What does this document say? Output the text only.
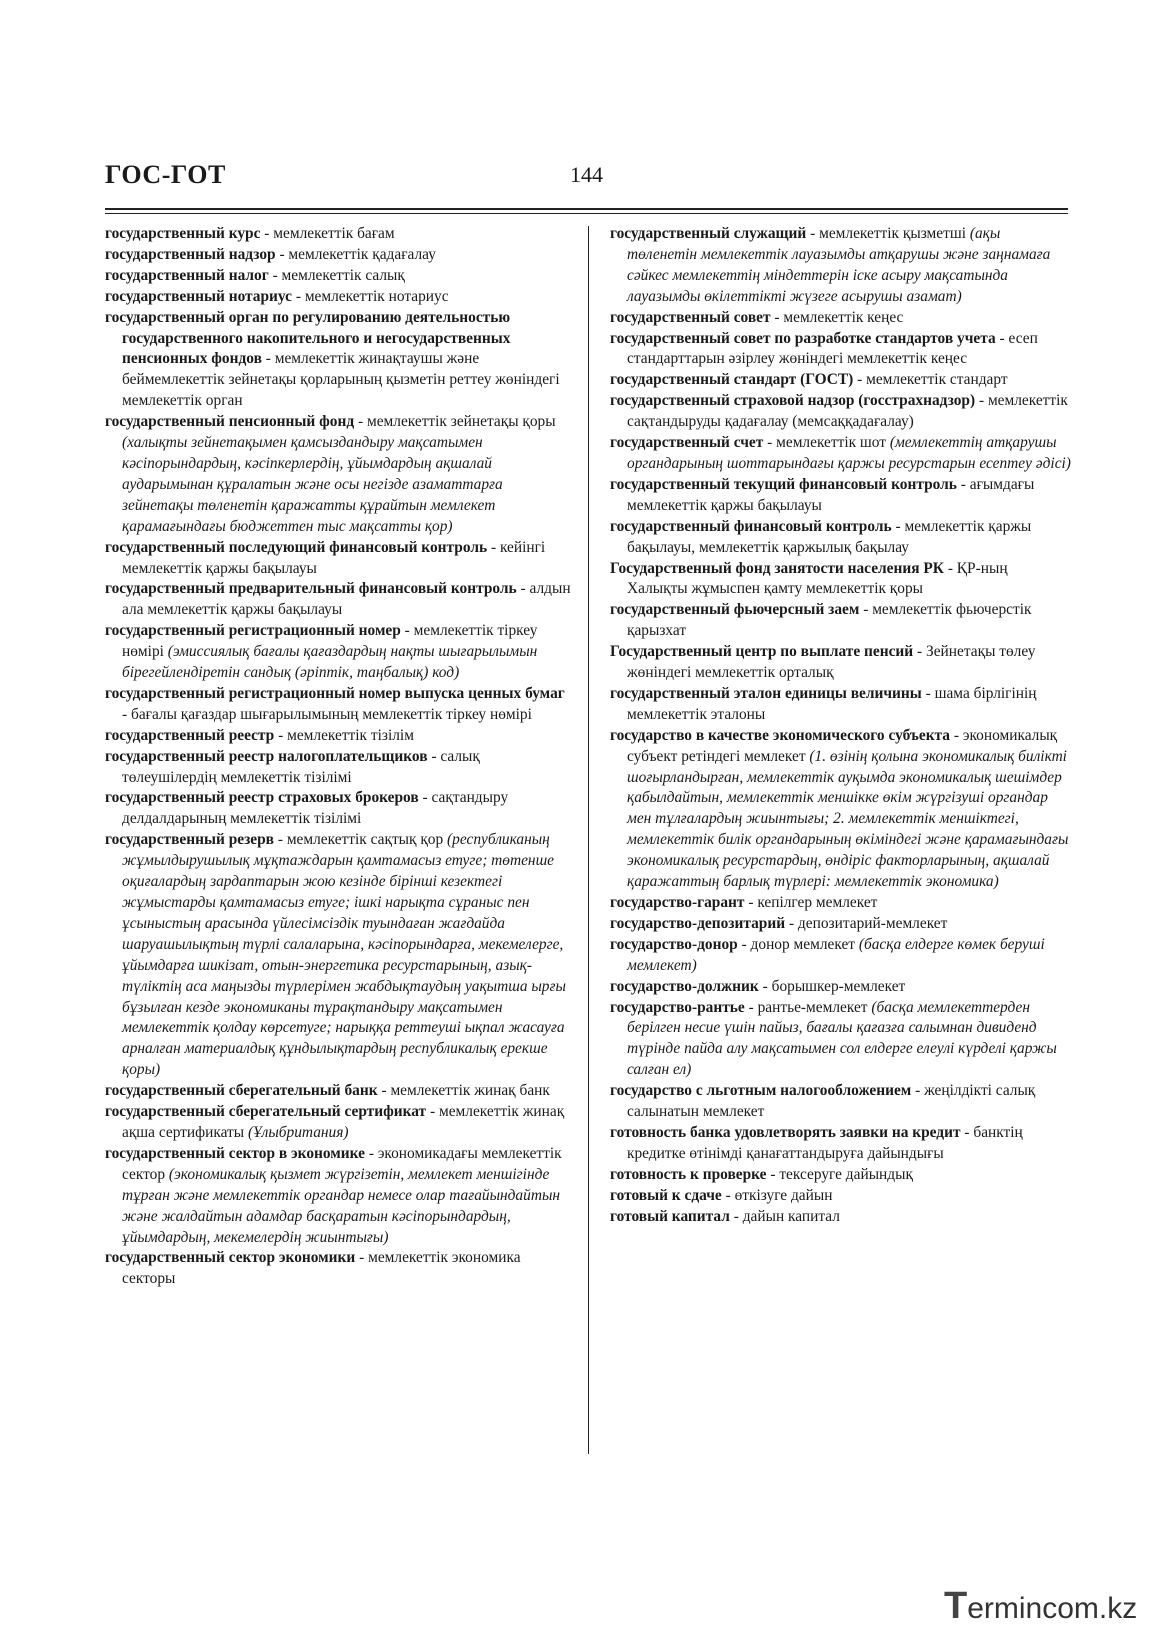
ГОС-ГОТ	144

государственный курс - мемлекеттік бағам

государственный надзор - мемлекеттік қадағалау

государственный налог - мемлекеттік салық

государственный нотариус - мемлекеттік нотариус

государственный орган по регулированию деятельностью государственного накопительного и негосударственных пенсионных фондов - мемлекеттік жинақтаушы және беймемлекеттік зейнетақы қорларының қызметін реттеу жөніндегі мемлекеттік орган

государственный пенсионный фонд - мемлекеттік зейнетақы қоры (халықты зейнетақымен қамсыздандыру мақсатымен кәсіпорындардың, кәсіпкерлердің, ұйымдардың ақшалай аударымынан құралатын және осы негізде азаматтарға зейнетақы төленетін қаражатты құрайтын мемлекет қарамағындағы бюджеттен тыс мақсатты қор)

государственный последующий финансовый контроль - кейінгі мемлекеттік қаржы бақылауы

государственный предварительный финансовый контроль - алдын ала мемлекеттік қаржы бақылауы

государственный регистрационный номер - мемлекеттік тіркеу нөмірі (эмиссиялық бағалы қағаздардың нақты шығарылымын бірегейлендіретін сандық (әріптік, таңбалық) код)

государственный регистрационный номер выпуска ценных бумаг - бағалы қағаздар шығарылымының мемлекеттік тіркеу нөмірі

государственный реестр - мемлекеттік тізілім

государственный реестр налогоплательщиков - салық төлеушілердің мемлекеттік тізілімі

государственный реестр страховых брокеров - сақтандыру делдалдарының мемлекеттік тізілімі

государственный резерв - мемлекеттік сақтық қор (республиканың жұмылдырушылық мұқтаждарын қамтамасыз етуге; төтенше оқиғалардың зардаптарын жою кезінде бірінші кезектегі жұмыстарды қамтамасыз етуге; ішкі нарықта сұраныс пен ұсыныстың арасында үйлесімсіздік туындаған жағдайда шаруашылықтың түрлі салаларына, кәсіпорындарға, мекемелерге, ұйымдарға шикізат, отын-энергетика ресурстарының, азық-түліктің аса маңызды түрлерімен жабдықтаудың уақытша ырғы бұзылған кезде экономиканы тұрақтандыру мақсатымен мемлекеттік қолдау көрсетуге; нарыққа реттеуші ықпал жасауға арналған материалдық құндылықтардың республикалық ерекше қоры)

государственный сберегательный банк - мемлекеттік жинақ банк

государственный сберегательный сертификат - мемлекеттік жинақ ақша сертификаты (Ұлыбритания)

государственный сектор в экономике - экономикадағы мемлекеттік сектор (экономикалық қызмет жүргізетін, мемлекет меншігінде тұрған және мемлекеттік органдар немесе олар тағайындайтын және жалдайтын адамдар басқаратын кәсіпорындардың, ұйымдардың, мекемелердің жиынтығы)

государственный сектор экономики - мемлекеттік экономика секторы

государственный служащий - мемлекеттік қызметші (ақы төленетін мемлекеттік лауазымды атқарушы және заңнамаға сәйкес мемлекеттің міндеттерін іске асыру мақсатында лауазымды өкілеттікті жүзеге асырушы азамат)

государственный совет - мемлекеттік кеңес

государственный совет по разработке стандартов учета - есеп стандарттарын әзірлеу жөніндегі мемлекеттік кеңес

государственный стандарт (ГОСТ) - мемлекеттік стандарт

государственный страховой надзор (госстрахнадзор) - мемлекеттік сақтандыруды қадағалау (мемсаққадағалау)

государственный счет - мемлекеттік шот (мемлекеттің атқарушы органдарының шоттарындағы қаржы ресурстарын есептеу әдісі)

государственный текущий финансовый контроль - ағымдағы мемлекеттік қаржы бақылауы

государственный финансовый контроль - мемлекеттік қаржы бақылауы, мемлекеттік қаржылық бақылау

Государственный фонд занятости населения РК - ҚР-ның Халықты жұмыспен қамту мемлекеттік қоры

государственный фьючерсный заем - мемлекеттік фьючерстік қарызхат

Государственный центр по выплате пенсий - Зейнетақы төлеу жөніндегі мемлекеттік орталық

государственный эталон единицы величины - шама бірлігінің мемлекеттік эталоны

государство в качестве экономического субъекта - экономикалық субъект ретіндегі мемлекет (1. өзінің қолына экономикалық билікті шоғырландырған, мемлекеттік ауқымда экономикалық шешімдер қабылдайтын, мемлекеттік меншікке өкім жүргізуші органдар мен тұлғалардың жиынтығы; 2. мемлекеттік меншіктегі, мемлекеттік билік органдарының өкіміндегі және қарамағындағы экономикалық ресурстардың, өндіріс факторларының, ақшалай қаражаттың барлық түрлері: мемлекеттік экономика)

государство-гарант - кепілгер мемлекет

государство-депозитарий - депозитарий-мемлекет

государство-донор - донор мемлекет (басқа елдерге көмек беруші мемлекет)

государство-должник - борышкер-мемлекет

государство-рантье - рантье-мемлекет (басқа мемлекеттерден берілген несие үшін пайыз, бағалы қағазға салымнан дивиденд түрінде пайда алу мақсатымен сол елдерге елеулі күрделі қаржы салған ел)

государство с льготным налогообложением - жеңілдікті салық салынатын мемлекет

готовность банка удовлетворять заявки на кредит - банктің кредитке өтінімді қанағаттандыруға дайындығы

готовность к проверке - тексеруге дайындық

готовый к сдаче - өткізуге дайын

готовый капитал - дайын капитал

Termincom.kz
